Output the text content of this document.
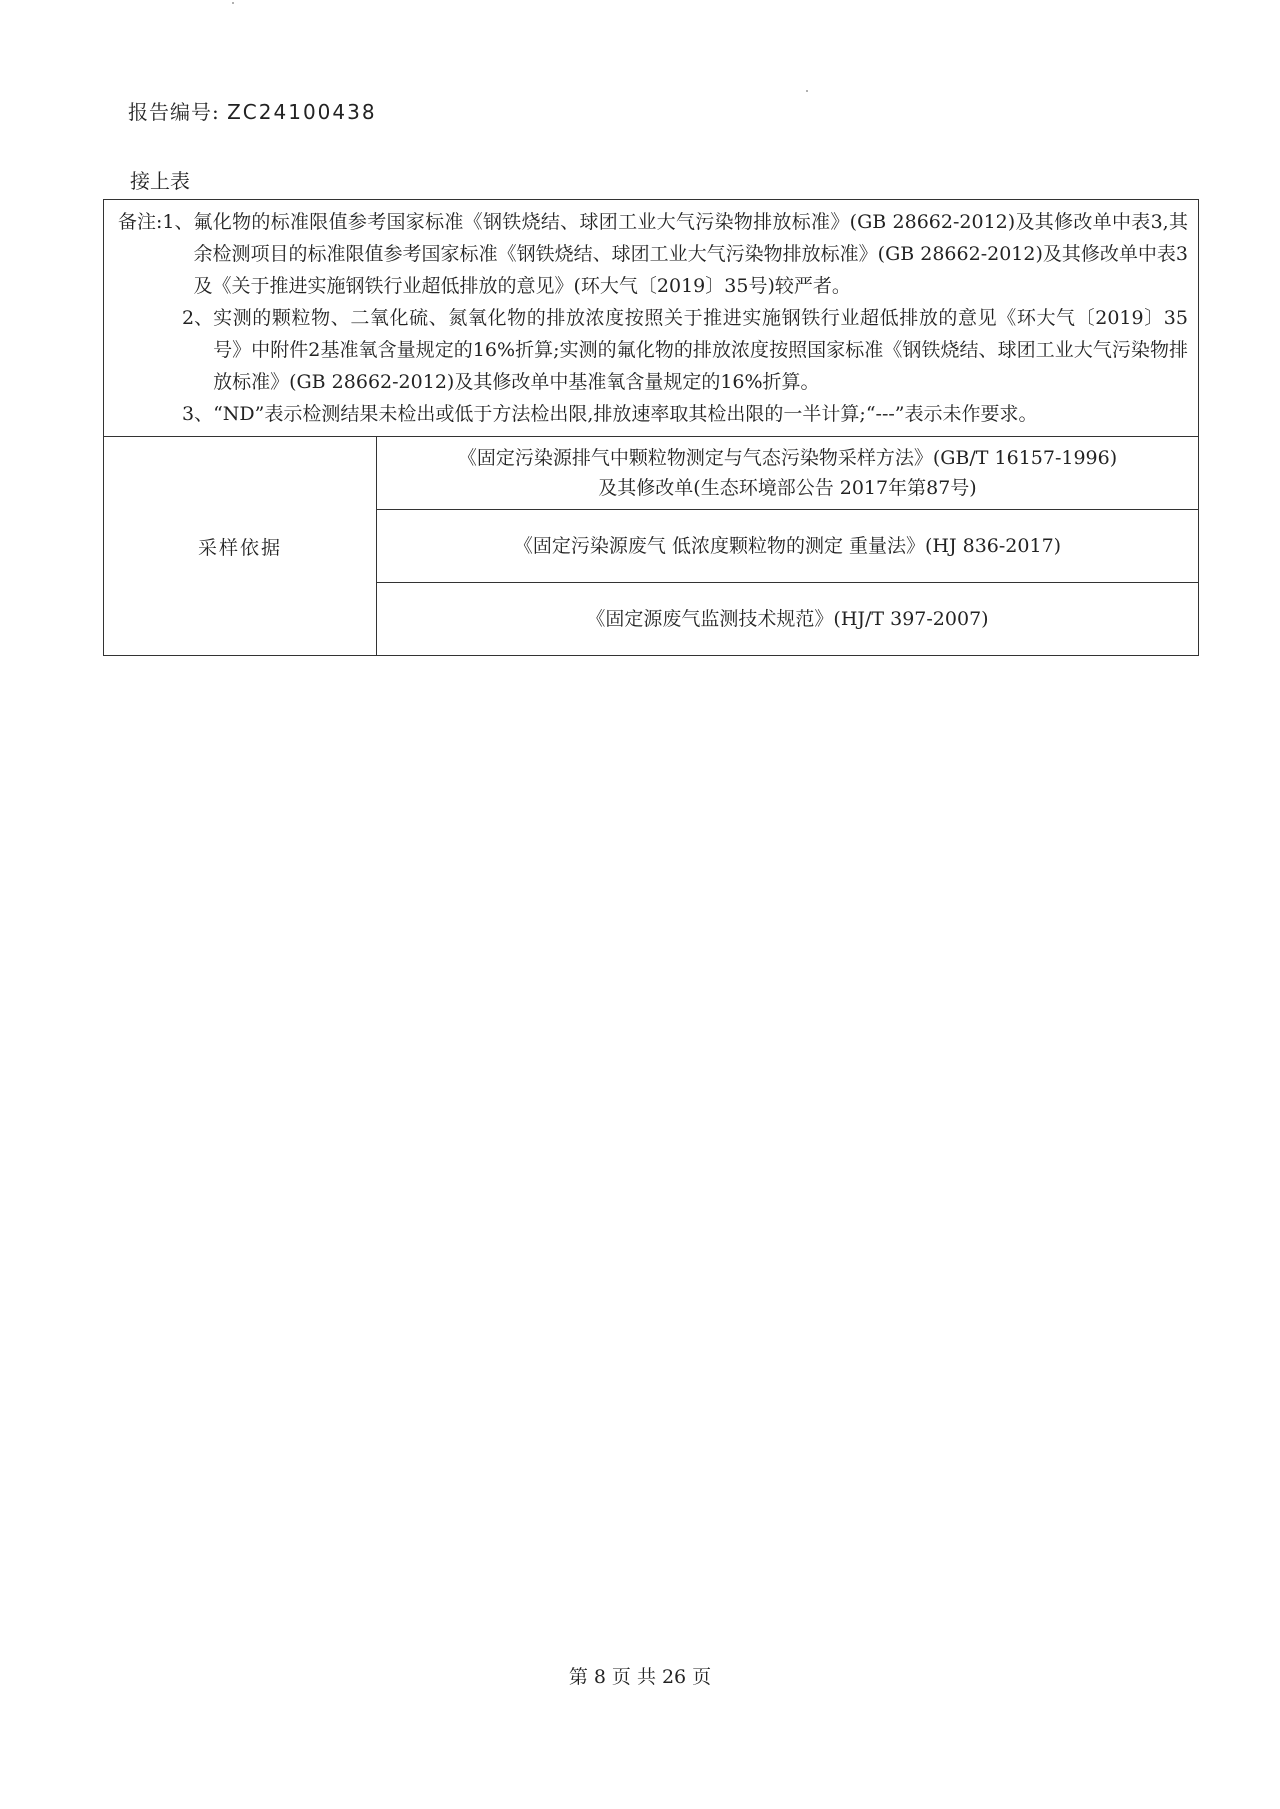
报告编号: ZC24100438
接上表
备注: 1、 氟化物的标准限值参考国家标准《钢铁烧结、球团工业大气污染物排放标准》(GB 28662-2012)及其修改单中表3,其余检测项目的标准限值参考国家标准《钢铁烧结、球团工业大气污染物排放标准》(GB 28662-2012)及其修改单中表3及《关于推进实施钢铁行业超低排放的意见》(环大气〔2019〕35号)较严者。
2、 实测的颗粒物、二氧化硫、氮氧化物的排放浓度按照关于推进实施钢铁行业超低排放的意见《环大气〔2019〕35号》中附件2基准氧含量规定的16%折算;实测的氟化物的排放浓度按照国家标准《钢铁烧结、球团工业大气污染物排放标准》(GB 28662-2012)及其修改单中基准氧含量规定的16%折算。
3、 “ND”表示检测结果未检出或低于方法检出限,排放速率取其检出限的一半计算;“---”表示未作要求。

采样依据	
《固定污染源排气中颗粒物测定与气态污染物采样方法》(GB/T 16157-1996)
及其修改单(生态环境部公告 2017年第87号)

《固定污染源废气 低浓度颗粒物的测定 重量法》(HJ 836-2017)

《固定源废气监测技术规范》(HJ/T 397-2007)
第 8 页 共 26 页
